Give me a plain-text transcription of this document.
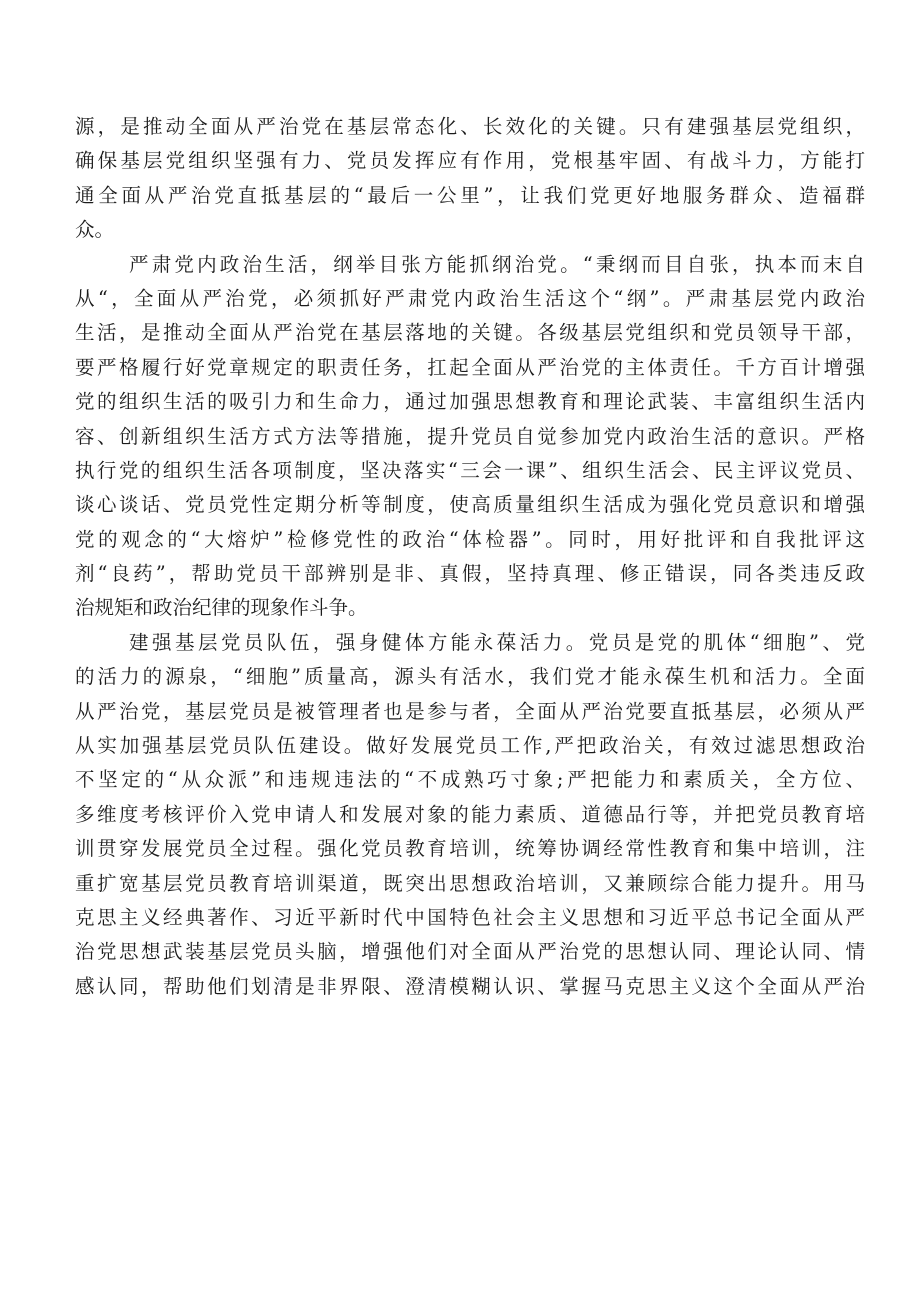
源，是推动全面从严治党在基层常态化、长效化的关键。只有建强基层党组织，
确保基层党组织坚强有力、党员发挥应有作用，党根基牢固、有战斗力，方能打
通全面从严治党直抵基层的“最后一公里”，让我们党更好地服务群众、造福群
众。
严肃党内政治生活，纲举目张方能抓纲治党。“秉纲而目自张，执本而末自
从“，全面从严治党，必须抓好严肃党内政治生活这个“纲”。严肃基层党内政治
生活，是推动全面从严治党在基层落地的关键。各级基层党组织和党员领导干部，
要严格履行好党章规定的职责任务，扛起全面从严治党的主体责任。千方百计增强
党的组织生活的吸引力和生命力，通过加强思想教育和理论武装、丰富组织生活内
容、创新组织生活方式方法等措施，提升党员自觉参加党内政治生活的意识。严格
执行党的组织生活各项制度，坚决落实“三会一课”、组织生活会、民主评议党员、
谈心谈话、党员党性定期分析等制度，使高质量组织生活成为强化党员意识和增强
党的观念的“大熔炉”检修党性的政治“体检器”。同时，用好批评和自我批评这
剂“良药”，帮助党员干部辨别是非、真假，坚持真理、修正错误，同各类违反政
治规矩和政治纪律的现象作斗争。
建强基层党员队伍，强身健体方能永葆活力。党员是党的肌体“细胞”、党
的活力的源泉，“细胞”质量高，源头有活水，我们党才能永葆生机和活力。全面
从严治党，基层党员是被管理者也是参与者，全面从严治党要直抵基层，必须从严
从实加强基层党员队伍建设。做好发展党员工作,严把政治关，有效过滤思想政治
不坚定的“从众派”和违规违法的“不成熟巧寸象;严把能力和素质关，全方位、
多维度考核评价入党申请人和发展对象的能力素质、道德品行等，并把党员教育培
训贯穿发展党员全过程。强化党员教育培训，统筹协调经常性教育和集中培训，注
重扩宽基层党员教育培训渠道，既突出思想政治培训，又兼顾综合能力提升。用马
克思主义经典著作、习近平新时代中国特色社会主义思想和习近平总书记全面从严
治党思想武装基层党员头脑，增强他们对全面从严治党的思想认同、理论认同、情
感认同，帮助他们划清是非界限、澄清模糊认识、掌握马克思主义这个全面从严治
